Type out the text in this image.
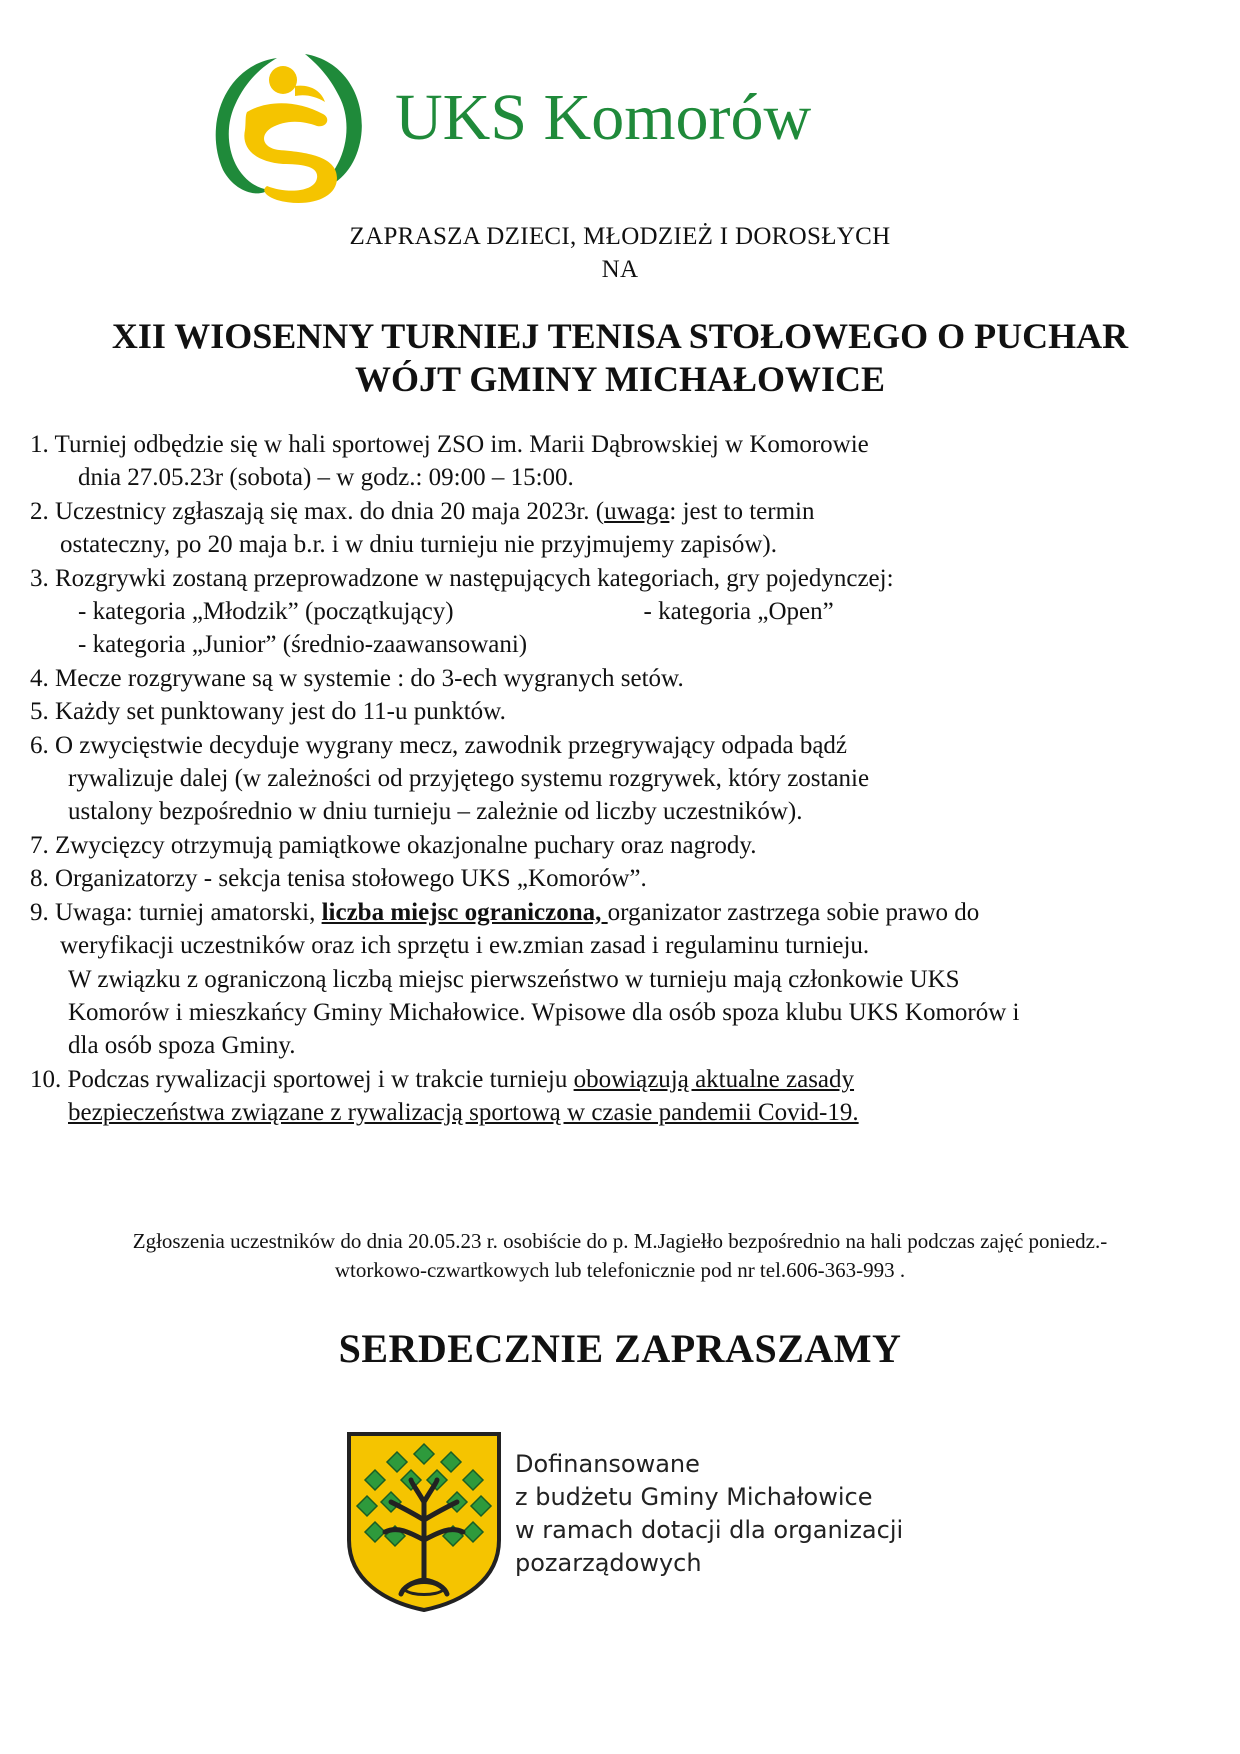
UKS Komorów
ZAPRASZA DZIECI, MŁODZIEŻ I DOROSŁYCH
NA
XII WIOSENNY TURNIEJ TENISA STOŁOWEGO O PUCHAR
WÓJT GMINY MICHAŁOWICE
1. Turniej odbędzie się w hali sportowej ZSO im. Marii Dąbrowskiej w Komorowie
dnia 27.05.23r (sobota) – w godz.: 09:00 – 15:00.
2. Uczestnicy zgłaszają się max. do dnia 20 maja 2023r. (uwaga: jest to termin
ostateczny, po 20 maja b.r. i w dniu turnieju nie przyjmujemy zapisów).
3. Rozgrywki zostaną przeprowadzone w następujących kategoriach, gry pojedynczej:
- kategoria „Młodzik” (początkujący)	- kategoria „Open”
- kategoria „Junior” (średnio-zaawansowani)
4. Mecze rozgrywane są w systemie : do 3-ech wygranych setów.
5. Każdy set punktowany jest do 11-u punktów.
6. O zwycięstwie decyduje wygrany mecz, zawodnik przegrywający odpada bądź
rywalizuje dalej (w zależności od przyjętego systemu rozgrywek, który zostanie
ustalony bezpośrednio w dniu turnieju – zależnie od liczby uczestników).
7. Zwycięzcy otrzymują pamiątkowe okazjonalne puchary oraz nagrody.
8. Organizatorzy - sekcja tenisa stołowego UKS „Komorów”.
9. Uwaga: turniej amatorski, liczba miejsc ograniczona, organizator zastrzega sobie prawo do
weryfikacji uczestników oraz ich sprzętu i ew.zmian zasad i regulaminu turnieju.
W związku z ograniczoną liczbą miejsc pierwszeństwo w turnieju mają członkowie UKS
Komorów i mieszkańcy Gminy Michałowice. Wpisowe dla osób spoza klubu UKS Komorów i
dla osób spoza Gminy.
10. Podczas rywalizacji sportowej i w trakcie turnieju obowiązują aktualne zasady
bezpieczeństwa związane z rywalizacją sportową w czasie pandemii Covid-19.
Zgłoszenia uczestników do dnia 20.05.23 r. osobiście do p. M.Jagiełło bezpośrednio na hali podczas zajęć poniedz.-
wtorkowo-czwartkowych lub telefonicznie pod nr tel.606-363-993 .
SERDECZNIE ZAPRASZAMY
Dofinansowane
z budżetu Gminy Michałowice
w ramach dotacji dla organizacji
pozarządowych
